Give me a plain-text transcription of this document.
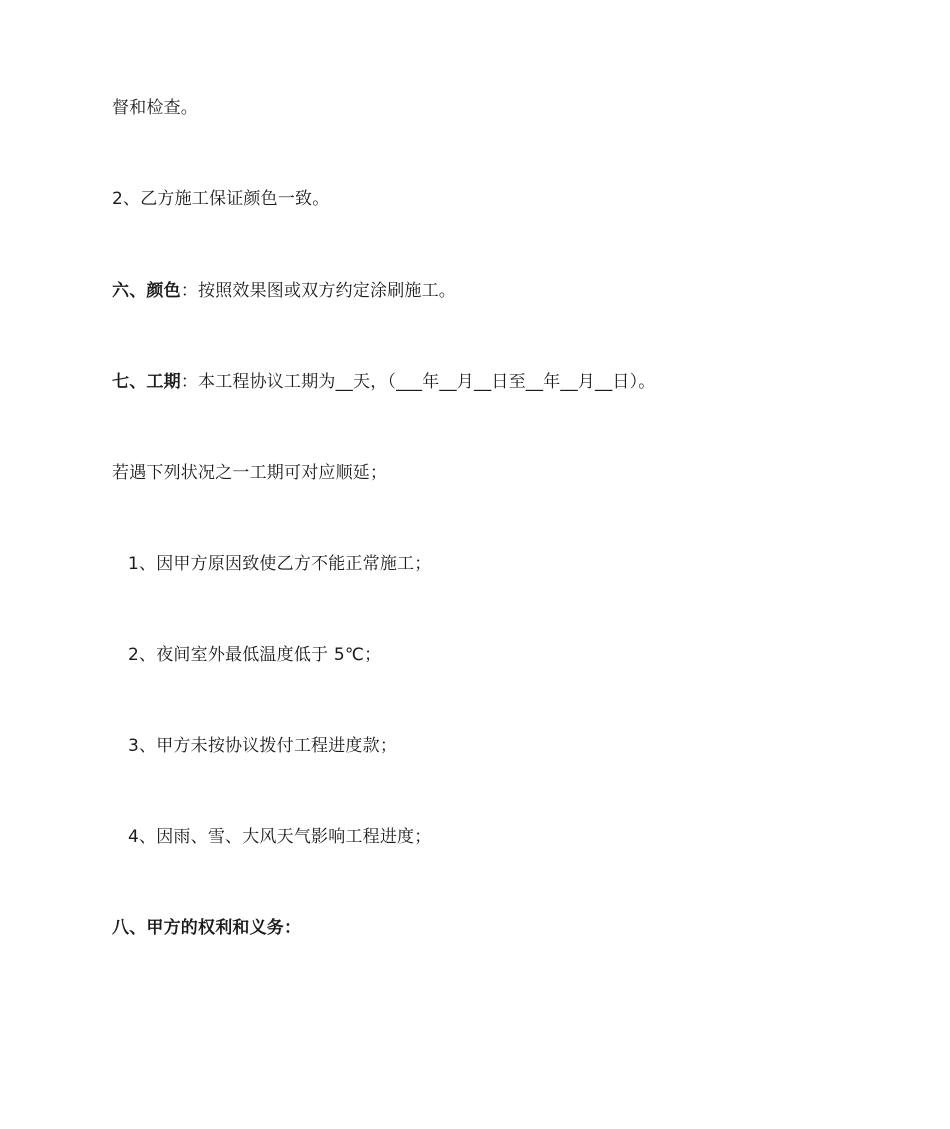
督和检查。
2、乙方施工保证颜色一致。
六、颜色：按照效果图或双方约定涂刷施工。
七、工期：本工程协议工期为__天，（___年__月__日至__年__月__日）。
若遇下列状况之一工期可对应顺延；
1、因甲方原因致使乙方不能正常施工；
2、夜间室外最低温度低于 5℃；
3、甲方未按协议拨付工程进度款；
4、因雨、雪、大风天气影响工程进度；
八、甲方的权利和义务：
